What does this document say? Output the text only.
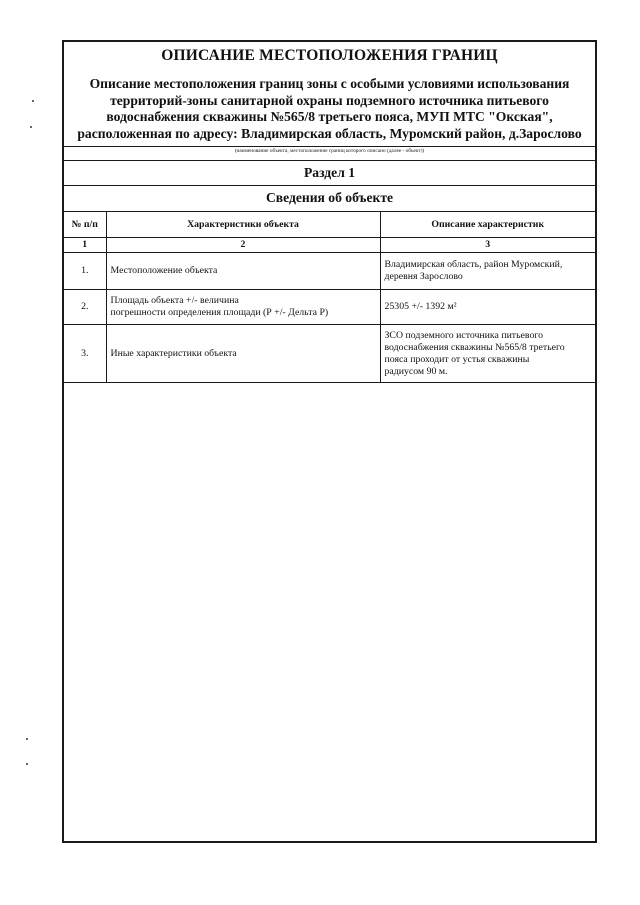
ОПИСАНИЕ МЕСТОПОЛОЖЕНИЯ ГРАНИЦ
Описание местоположения границ зоны с особыми условиями использования
территорий-зоны санитарной охраны подземного источника питьевого
водоснабжения скважины №565/8 третьего пояса, МУП МТС "Окская",
расположенная по адресу: Владимирская область, Муромский район, д.Зарослово
(наименование объекта, местоположение границ которого описано (далее - объект))
Раздел 1
Сведения об объекте
№ п/п	Характеристики объекта	Описание характеристик
1	2	3
1.	Местоположение объекта	Владимирская область, район Муромский,
деревня Зарослово

2.	Площадь объекта +/- величина
погрешности определения площади (Р +/- Дельта Р)	25305 +/- 1392 м²

3.	Иные характеристики объекта	ЗСО подземного источника питьевого
водоснабжения скважины №565/8 третьего
пояса проходит от устья скважины
радиусом 90 м.
